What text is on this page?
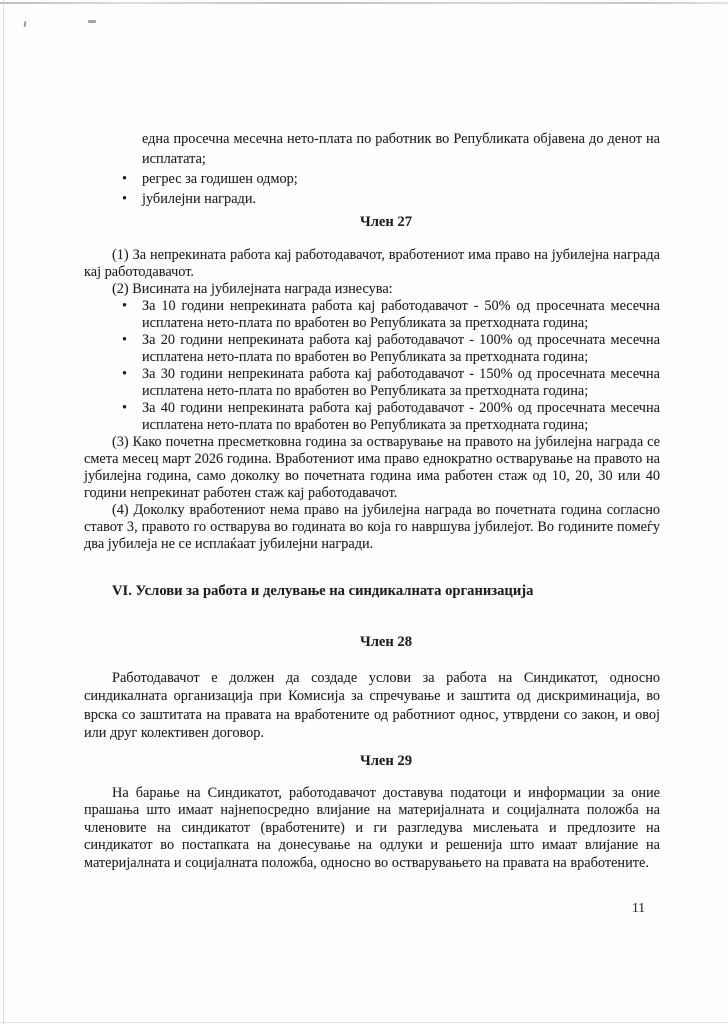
една просечна месечна нето-плата по работник во Републиката објавена до денот на исплатата;
• регрес за годишен одмор;
• јубилејни награди.

Член 27

(1) За непрекината работа кај работодавачот, вработениот има право на јубилејна награда кај работодавачот.

(2) Висината на јубилејната награда изнесува:

• За 10 години непрекината работа кај работодавачот - 50% од просечната месечна исплатена нето-плата по вработен во Републиката за претходната година;
• За 20 години непрекината работа кај работодавачот - 100% од просечната месечна исплатена нето-плата по вработен во Републиката за претходната година;
• За 30 години непрекината работа кај работодавачот - 150% од просечната месечна исплатена нето-плата по вработен во Републиката за претходната година;
• За 40 години непрекината работа кај работодавачот - 200% од просечната месечна исплатена нето-плата по вработен во Републиката за претходната година;

(3) Како почетна пресметковна година за остварување на правото на јубилејна награда се смета месец март 2026 година. Вработениот има право еднократно остварување на правото на јубилејна година, само доколку во почетната година има работен стаж од 10, 20, 30 или 40 години непрекинат работен стаж кај работодавачот.

(4) Доколку вработениот нема право на јубилејна награда во почетната година согласно ставот 3, правото го остварува во годината во која го навршува јубилејот. Во годините помеѓу два јубилеја не се исплаќаат јубилејни награди.

VI. Услови за работа и делување на синдикалната организација

Член 28

Работодавачот е должен да создаде услови за работа на Синдикатот, односно синдикалната организација при Комисија за спречување и заштита од дискриминација, во врска со заштитата на правата на вработените од работниот однос, утврдени со закон, и овој или друг колективен договор.

Член 29

На барање на Синдикатот, работодавачот доставува податоци и информации за оние прашања што имаат најнепосредно влијание на материјалната и социјалната положба на членовите на синдикатот (вработените) и ги разгледува мислењата и предлозите на синдикатот во постапката на донесување на одлуки и решенија што имаат влијание на материјалната и социјалната положба, односно во остварувањето на правата на вработените.

11
